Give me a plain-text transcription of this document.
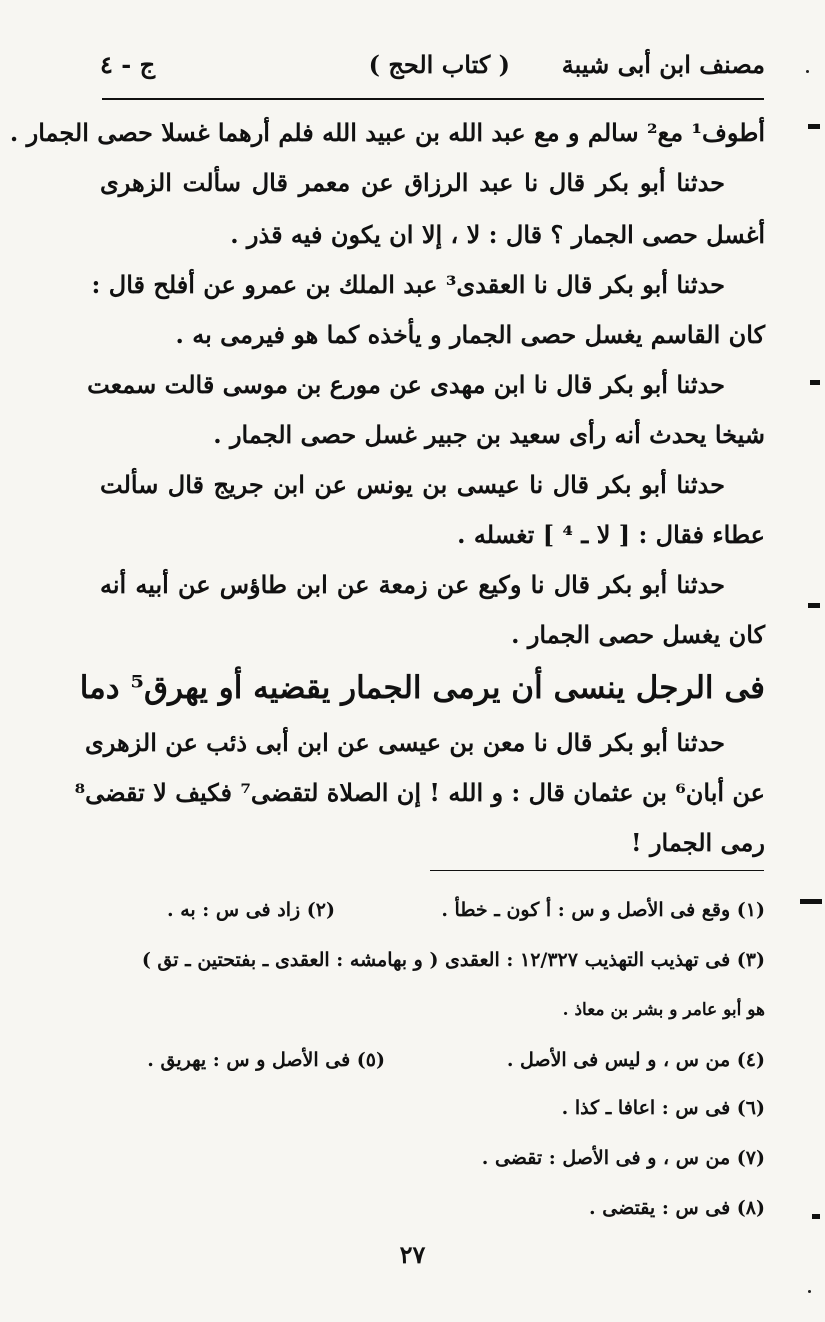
مصنف ابن أبى شيبة
( كتاب الحج )
ج - ٤
أطوف¹ مع² سالم و مع عبد الله بن عبيد الله فلم أرهما غسلا حصى الجمار .
حدثنا أبو بكر قال نا عبد الرزاق عن معمر قال سألت الزهرى
أغسل حصى الجمار ؟ قال : لا ، إلا ان يكون فيه قذر .
حدثنا أبو بكر قال نا العقدى³ عبد الملك بن عمرو عن أفلح قال :
كان القاسم يغسل حصى الجمار و يأخذه كما هو فيرمى به .
حدثنا أبو بكر قال نا ابن مهدى عن مورع بن موسى قالت سمعت
شيخا يحدث أنه رأى سعيد بن جبير غسل حصى الجمار .
حدثنا أبو بكر قال نا عيسى بن يونس عن ابن جريج قال سألت
عطاء فقال : [ لا ـ ⁴ ] تغسله .
حدثنا أبو بكر قال نا وكيع عن زمعة عن ابن طاؤس عن أبيه أنه
كان يغسل حصى الجمار .
فى الرجل ينسى أن يرمى الجمار يقضيه أو يهرق⁵ دما
حدثنا أبو بكر قال نا معن بن عيسى عن ابن أبى ذئب عن الزهرى
عن أبان⁶ بن عثمان قال : و الله ! إن الصلاة لتقضى⁷ فكيف لا تقضى⁸
رمى الجمار !
(١) وقع فى الأصل و س : أ كون ـ خطأ .
(٢) زاد فى س : به .
(٣) فى تهذيب التهذيب ١٢/٣٢٧ : العقدى ( و بهامشه : العقدى ـ بفتحتين ـ تق )
هو أبو عامر و بشر بن معاذ .
(٤) من س ، و ليس فى الأصل .
(٥) فى الأصل و س : يهريق .
(٦) فى س : اعافا ـ كذا .
(٧) من س ، و فى الأصل : تقضى .
(٨) فى س : يقتضى .
٢٧
